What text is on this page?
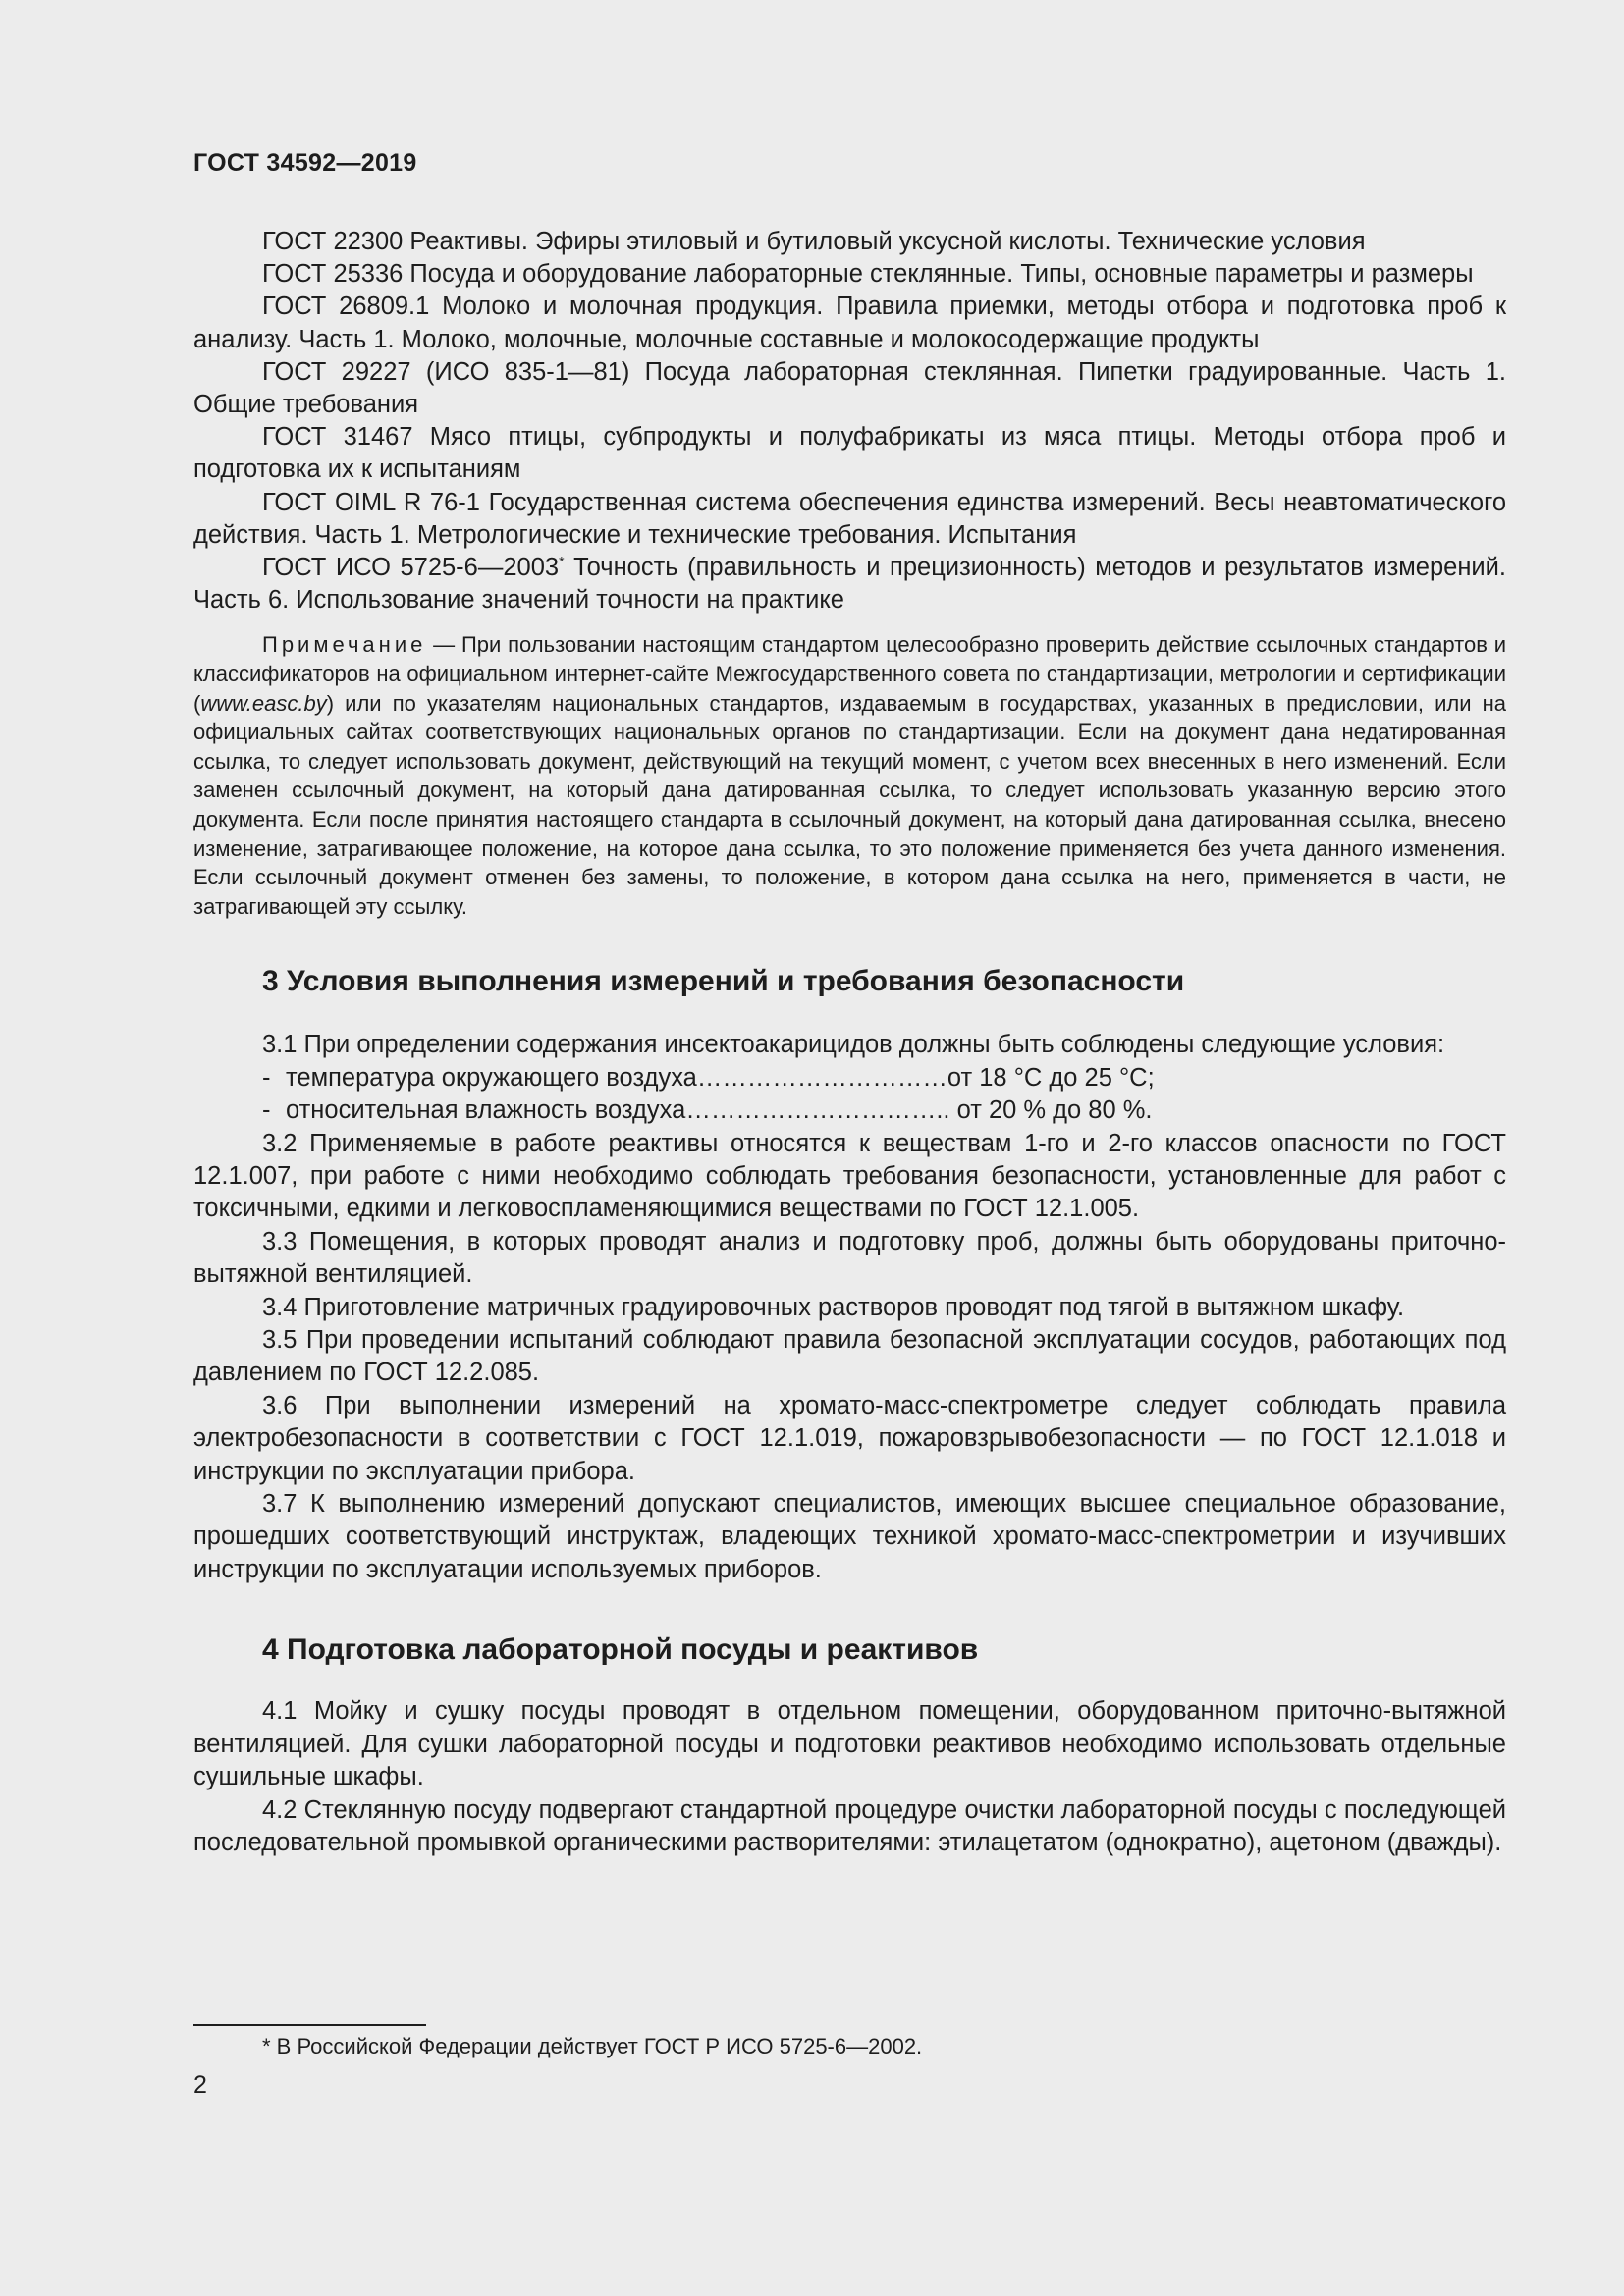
ГОСТ 34592—2019

ГОСТ 22300 Реактивы. Эфиры этиловый и бутиловый уксусной кислоты. Технические условия

ГОСТ 25336 Посуда и оборудование лабораторные стеклянные. Типы, основные параметры и размеры

ГОСТ 26809.1 Молоко и молочная продукция. Правила приемки, методы отбора и подготовка проб к анализу. Часть 1. Молоко, молочные, молочные составные и молокосодержащие продукты

ГОСТ 29227 (ИСО 835-1—81) Посуда лабораторная стеклянная. Пипетки градуированные. Часть 1. Общие требования

ГОСТ 31467 Мясо птицы, субпродукты и полуфабрикаты из мяса птицы. Методы отбора проб и подготовка их к испытаниям

ГОСТ OIML R 76-1 Государственная система обеспечения единства измерений. Весы неавтоматического действия. Часть 1. Метрологические и технические требования. Испытания

ГОСТ ИСО 5725-6—2003* Точность (правильность и прецизионность) методов и результатов измерений. Часть 6. Использование значений точности на практике

Примечание — При пользовании настоящим стандартом целесообразно проверить действие ссылочных стандартов и классификаторов на официальном интернет-сайте Межгосударственного совета по стандартизации, метрологии и сертификации (www.easc.by) или по указателям национальных стандартов, издаваемым в государствах, указанных в предисловии, или на официальных сайтах соответствующих национальных органов по стандартизации. Если на документ дана недатированная ссылка, то следует использовать документ, действующий на текущий момент, с учетом всех внесенных в него изменений. Если заменен ссылочный документ, на который дана датированная ссылка, то следует использовать указанную версию этого документа. Если после принятия настоящего стандарта в ссылочный документ, на который дана датированная ссылка, внесено изменение, затрагивающее положение, на которое дана ссылка, то это положение применяется без учета данного изменения. Если ссылочный документ отменен без замены, то положение, в котором дана ссылка на него, применяется в части, не затрагивающей эту ссылку.
3 Условия выполнения измерений и требования безопасности

3.1 При определении содержания инсектоакарицидов должны быть соблюдены следующие условия:

- температура окружающего воздуха…………………………от 18 °С до 25 °С;
- относительная влажность воздуха………………………….. от 20 % до 80 %.

3.2 Применяемые в работе реактивы относятся к веществам 1-го и 2-го классов опасности по ГОСТ 12.1.007, при работе с ними необходимо соблюдать требования безопасности, установленные для работ с токсичными, едкими и легковоспламеняющимися веществами по ГОСТ 12.1.005.

3.3 Помещения, в которых проводят анализ и подготовку проб, должны быть оборудованы приточно-вытяжной вентиляцией.

3.4 Приготовление матричных градуировочных растворов проводят под тягой в вытяжном шкафу.

3.5 При проведении испытаний соблюдают правила безопасной эксплуатации сосудов, работающих под давлением по ГОСТ 12.2.085.

3.6 При выполнении измерений на хромато-масс-спектрометре следует соблюдать правила электробезопасности в соответствии с ГОСТ 12.1.019, пожаровзрывобезопасности — по ГОСТ 12.1.018 и инструкции по эксплуатации прибора.

3.7 К выполнению измерений допускают специалистов, имеющих высшее специальное образование, прошедших соответствующий инструктаж, владеющих техникой хромато-масс-спектрометрии и изучивших инструкции по эксплуатации используемых приборов.

4 Подготовка лабораторной посуды и реактивов

4.1 Мойку и сушку посуды проводят в отдельном помещении, оборудованном приточно-вытяжной вентиляцией. Для сушки лабораторной посуды и подготовки реактивов необходимо использовать отдельные сушильные шкафы.

4.2 Стеклянную посуду подвергают стандартной процедуре очистки лабораторной посуды с последующей последовательной промывкой органическими растворителями: этилацетатом (однократно), ацетоном (дважды).

* В Российской Федерации действует ГОСТ Р ИСО 5725-6—2002.
2
